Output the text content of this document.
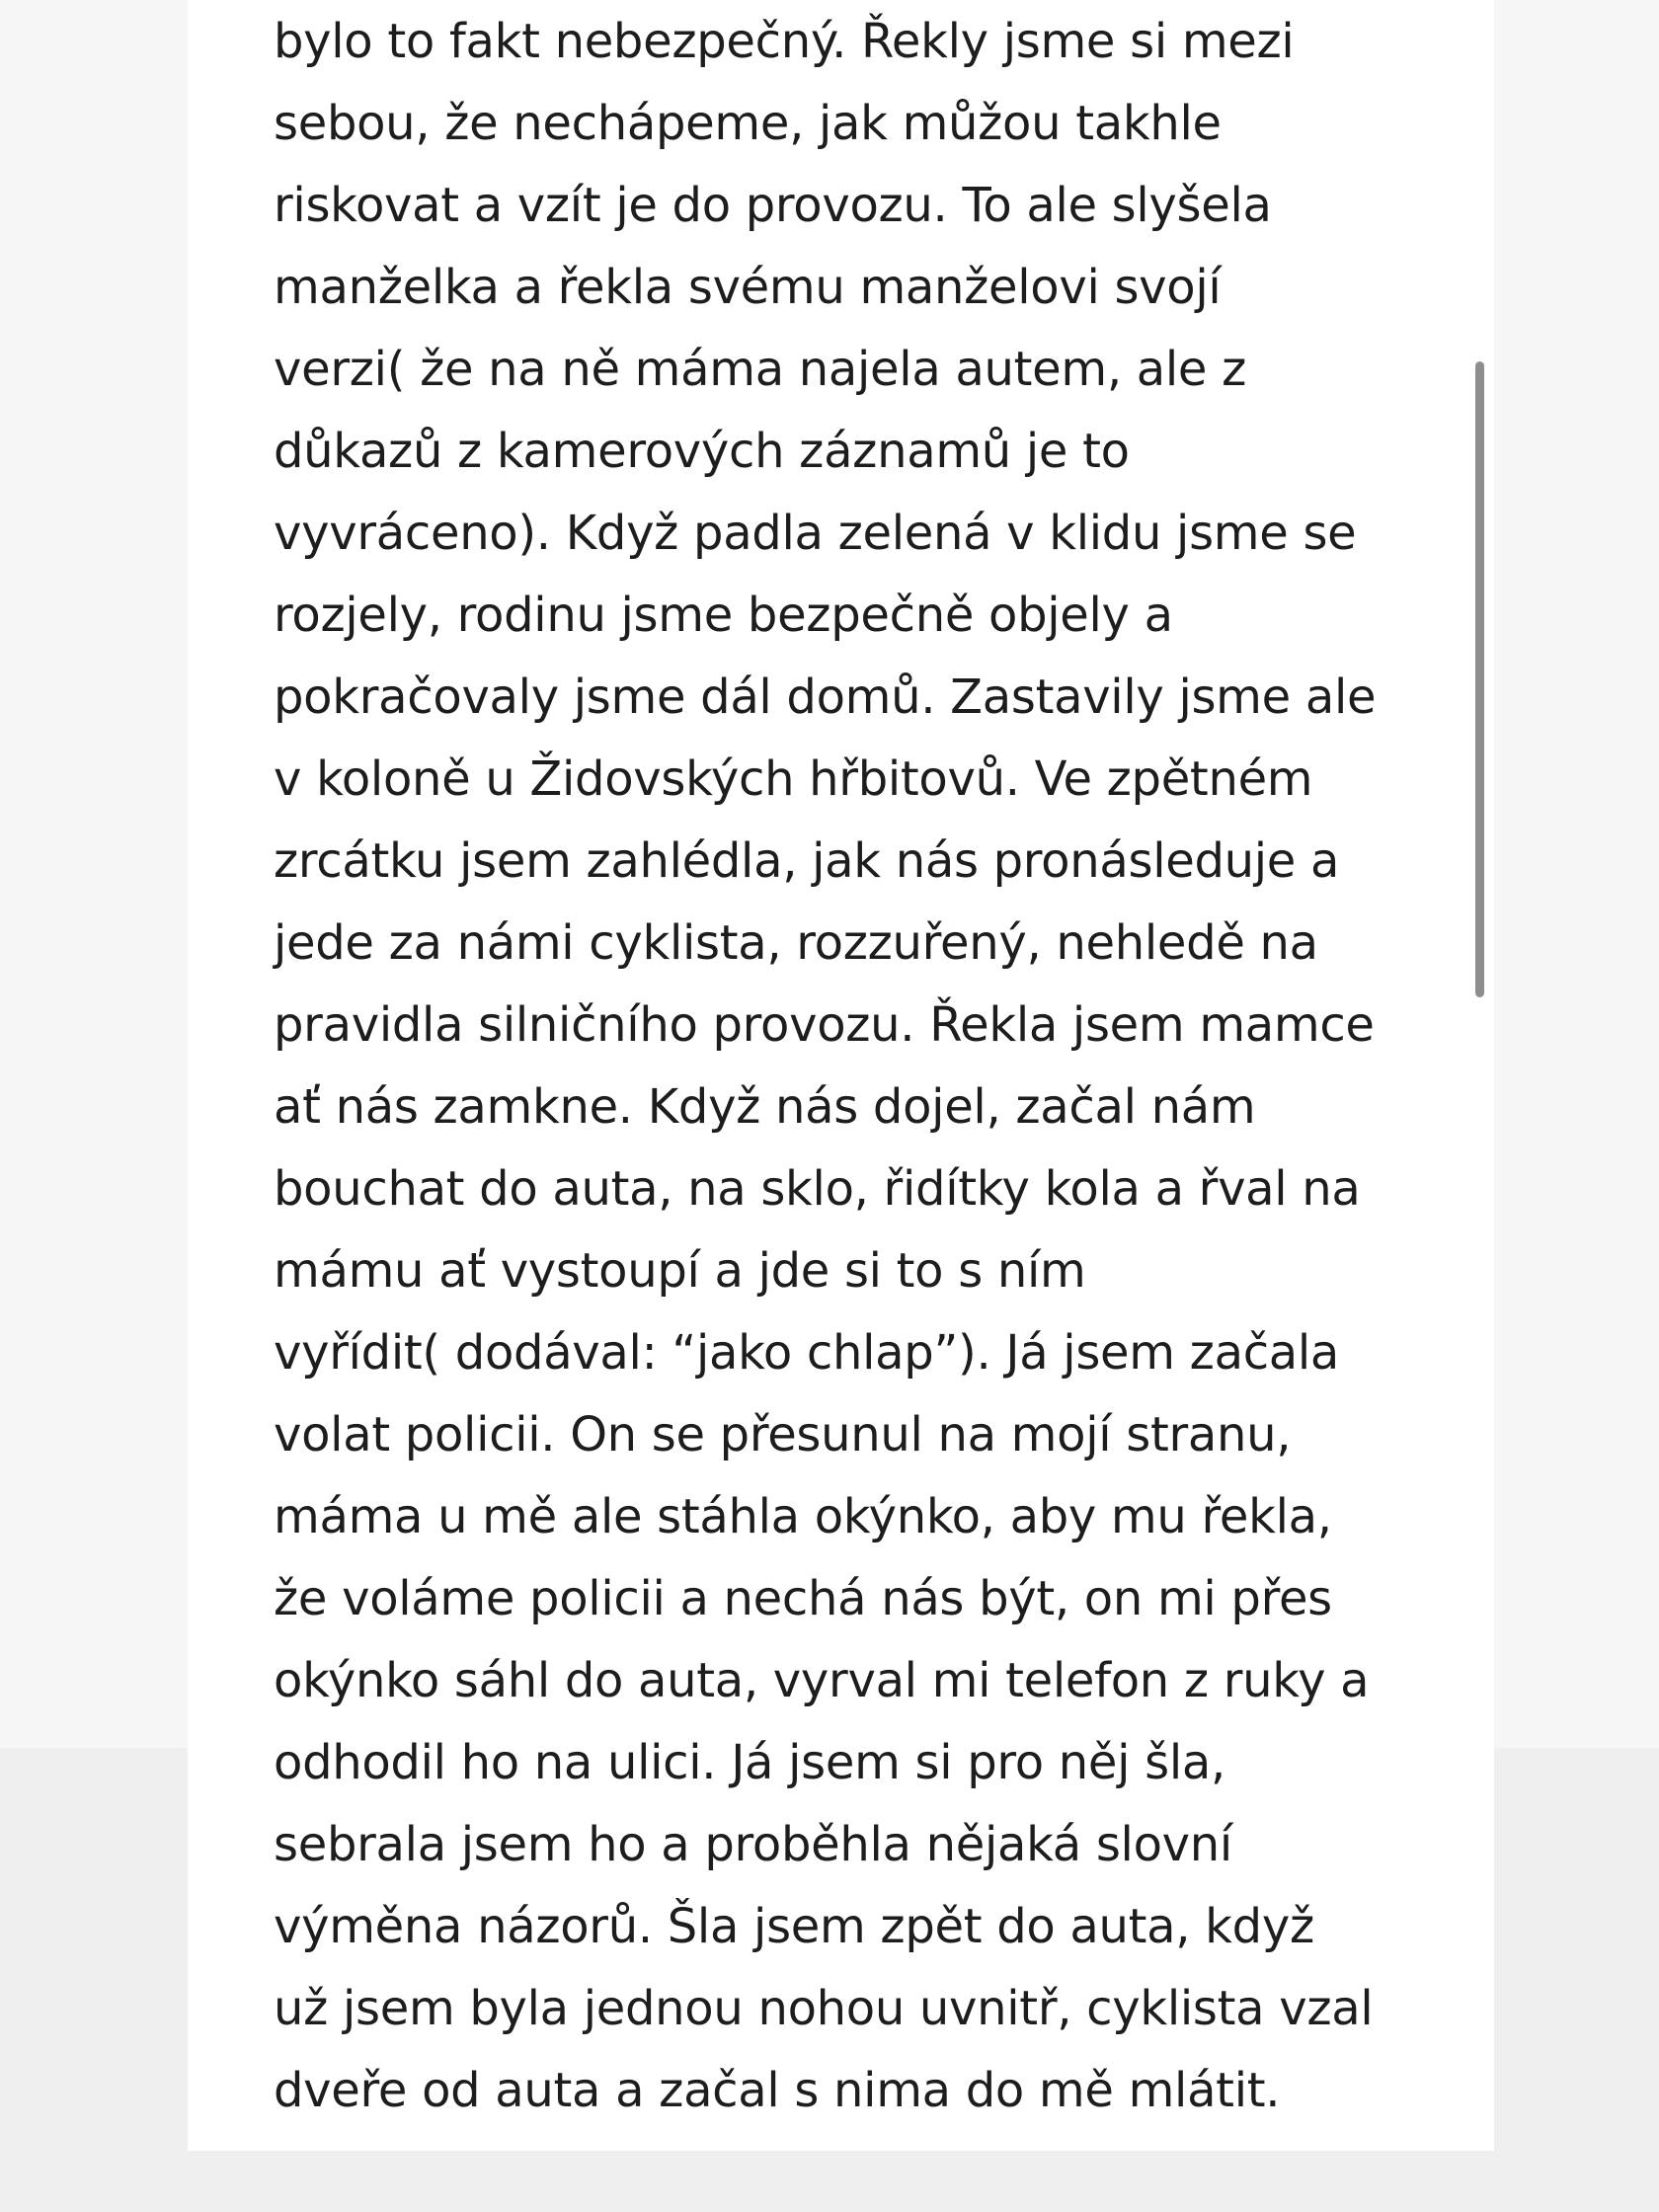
bylo to fakt nebezpečný. Řekly jsme si mezi
sebou, že nechápeme, jak můžou takhle
riskovat a vzít je do provozu. To ale slyšela
manželka a řekla svému manželovi svojí
verzi( že na ně máma najela autem, ale z
důkazů z kamerových záznamů je to
vyvráceno). Když padla zelená v klidu jsme se
rozjely, rodinu jsme bezpečně objely a
pokračovaly jsme dál domů. Zastavily jsme ale
v koloně u Židovských hřbitovů. Ve zpětném
zrcátku jsem zahlédla, jak nás pronásleduje a
jede za námi cyklista, rozzuřený, nehledě na
pravidla silničního provozu. Řekla jsem mamce
ať nás zamkne. Když nás dojel, začal nám
bouchat do auta, na sklo, řidítky kola a řval na
mámu ať vystoupí a jde si to s ním
vyřídit( dodával: “jako chlap”). Já jsem začala
volat policii. On se přesunul na mojí stranu,
máma u mě ale stáhla okýnko, aby mu řekla,
že voláme policii a nechá nás být, on mi přes
okýnko sáhl do auta, vyrval mi telefon z ruky a
odhodil ho na ulici. Já jsem si pro něj šla,
sebrala jsem ho a proběhla nějaká slovní
výměna názorů. Šla jsem zpět do auta, když
už jsem byla jednou nohou uvnitř, cyklista vzal
dveře od auta a začal s nima do mě mlátit.
